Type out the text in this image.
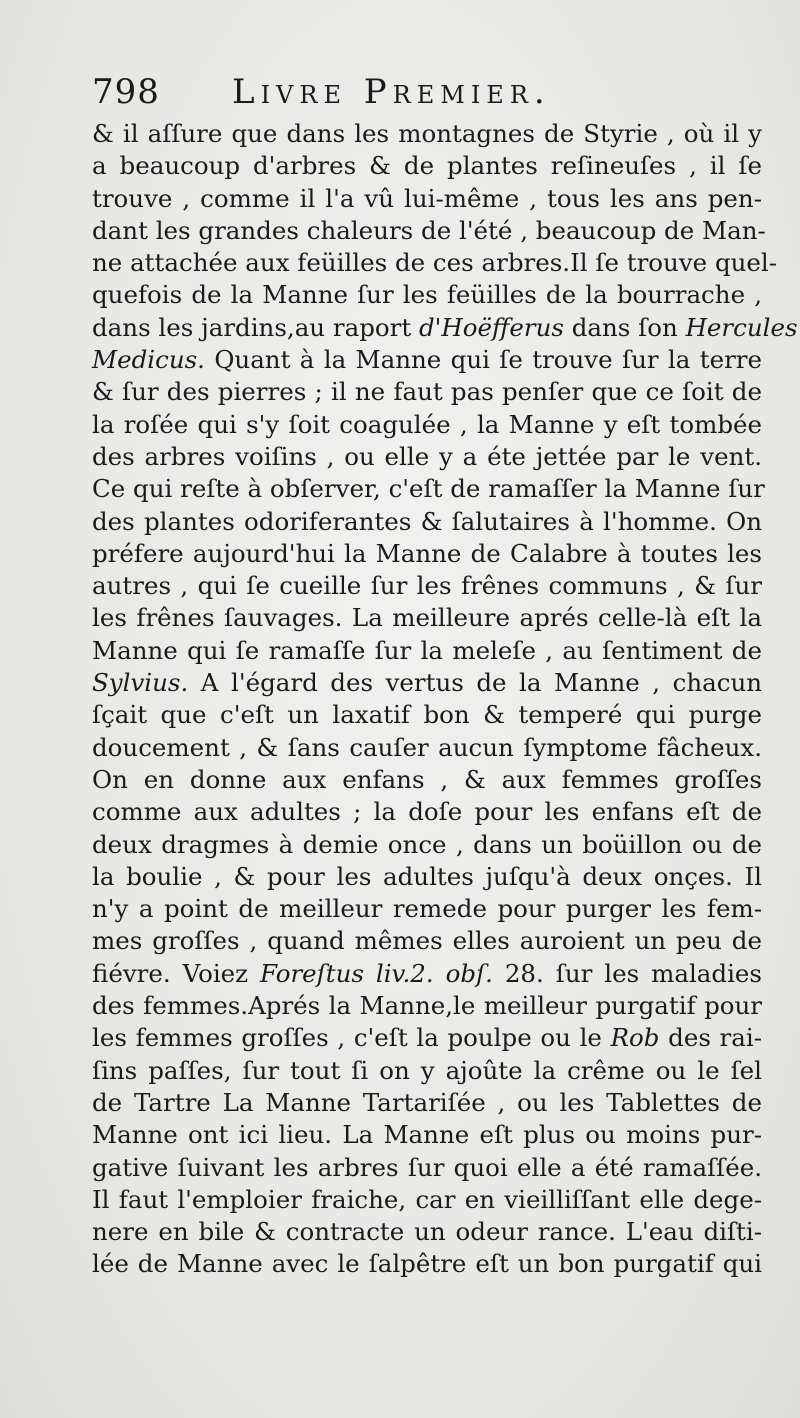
798 Livre Premier.
& il aſſure que dans les montagnes de Styrie , où il y
a beaucoup d'arbres & de plantes reſineuſes , il ſe
trouve , comme il l'a vû lui-même , tous les ans pen-
dant les grandes chaleurs de l'été , beaucoup de Man-
ne attachée aux feüilles de ces arbres.Il ſe trouve quel-
quefois de la Manne ſur les feüilles de la bourrache ,
dans les jardins,au raport d'Hoëfferus dans ſon Hercules
Medicus. Quant à la Manne qui ſe trouve ſur la terre
& ſur des pierres ; il ne faut pas penſer que ce ſoit de
la roſée qui s'y ſoit coagulée , la Manne y eſt tombée
des arbres voiſins , ou elle y a éte jettée par le vent.
Ce qui reſte à obſerver, c'eſt de ramaſſer la Manne ſur
des plantes odoriferantes & ſalutaires à l'homme. On
préfere aujourd'hui la Manne de Calabre à toutes les
autres , qui ſe cueille ſur les frênes communs , & ſur
les frênes ſauvages. La meilleure aprés celle-là eſt la
Manne qui ſe ramaſſe ſur la meleſe , au ſentiment de
Sylvius. A l'égard des vertus de la Manne , chacun
ſçait que c'eſt un laxatif bon & temperé qui purge
doucement , & ſans cauſer aucun ſymptome fâcheux.
On en donne aux enfans , & aux femmes groſſes
comme aux adultes ; la doſe pour les enfans eſt de
deux dragmes à demie once , dans un boüillon ou de
la boulie , & pour les adultes juſqu'à deux onçes. Il
n'y a point de meilleur remede pour purger les fem-
mes groſſes , quand mêmes elles auroient un peu de
fiévre. Voiez Foreſtus liv.2. obſ. 28. ſur les maladies
des femmes.Aprés la Manne,le meilleur purgatif pour
les femmes groſſes , c'eſt la poulpe ou le Rob des rai-
ſins paſſes, ſur tout ſi on y ajoûte la crême ou le ſel
de Tartre La Manne Tartariſée , ou les Tablettes de
Manne ont ici lieu. La Manne eſt plus ou moins pur-
gative ſuivant les arbres ſur quoi elle a été ramaſſée.
Il faut l'emploier fraiche, car en vieilliſſant elle dege-
nere en bile & contracte un odeur rance. L'eau diſti-
lée de Manne avec le ſalpêtre eſt un bon purgatif qui
